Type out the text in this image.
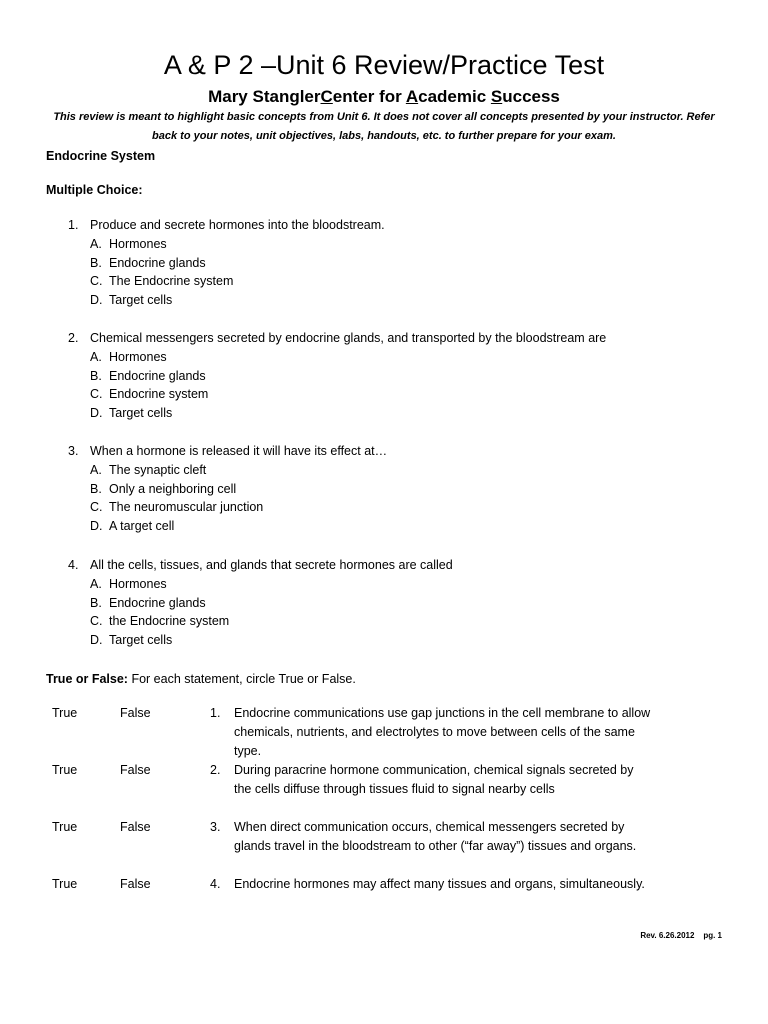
A & P 2 –Unit 6 Review/Practice Test
Mary StanglerCenter for Academic Success
This review is meant to highlight basic concepts from Unit 6. It does not cover all concepts presented by your instructor. Refer back to your notes, unit objectives, labs, handouts, etc. to further prepare for your exam.
Endocrine System
Multiple Choice:
1. Produce and secrete hormones into the bloodstream.
A. Hormones
B. Endocrine glands
C. The Endocrine system
D. Target cells
2. Chemical messengers secreted by endocrine glands, and transported by the bloodstream are
A. Hormones
B. Endocrine glands
C. Endocrine system
D. Target cells
3. When a hormone is released it will have its effect at…
A. The synaptic cleft
B. Only a neighboring cell
C. The neuromuscular junction
D. A target cell
4. All the cells, tissues, and glands that secrete hormones are called
A. Hormones
B. Endocrine glands
C. the Endocrine system
D. Target cells
True or False: For each statement, circle True or False.
True	False	1. Endocrine communications use gap junctions in the cell membrane to allow chemicals, nutrients, and electrolytes to move between cells of the same type.
True	False	2. During paracrine hormone communication, chemical signals secreted by the cells diffuse through tissues fluid to signal nearby cells
True	False	3. When direct communication occurs, chemical messengers secreted by glands travel in the bloodstream to other (“far away”) tissues and organs.
True	False	4. Endocrine hormones may affect many tissues and organs, simultaneously.
Rev. 6.26.2012    pg. 1
